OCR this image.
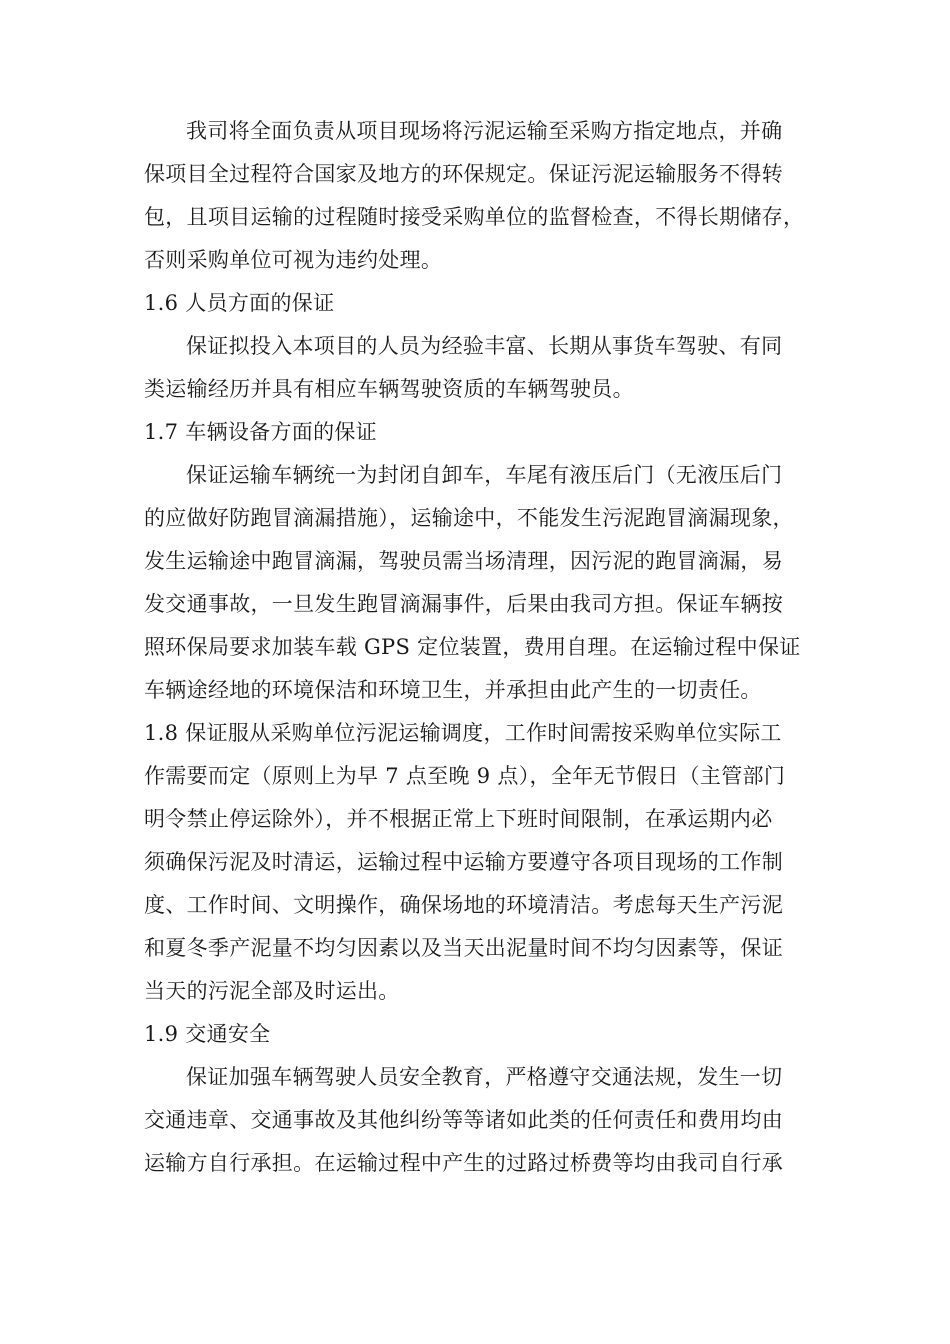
我司将全面负责从项目现场将污泥运输至采购方指定地点，并确
保项目全过程符合国家及地方的环保规定。保证污泥运输服务不得转
包，且项目运输的过程随时接受采购单位的监督检查，不得长期储存，
否则采购单位可视为违约处理。
1.6 人员方面的保证
保证拟投入本项目的人员为经验丰富、长期从事货车驾驶、有同
类运输经历并具有相应车辆驾驶资质的车辆驾驶员。
1.7 车辆设备方面的保证
保证运输车辆统一为封闭自卸车，车尾有液压后门（无液压后门
的应做好防跑冒滴漏措施），运输途中，不能发生污泥跑冒滴漏现象，
发生运输途中跑冒滴漏，驾驶员需当场清理，因污泥的跑冒滴漏，易
发交通事故，一旦发生跑冒滴漏事件，后果由我司方担。保证车辆按
照环保局要求加装车载 GPS 定位装置，费用自理。在运输过程中保证
车辆途经地的环境保洁和环境卫生，并承担由此产生的一切责任。
1.8 保证服从采购单位污泥运输调度，工作时间需按采购单位实际工
作需要而定（原则上为早 7 点至晚 9 点），全年无节假日（主管部门
明令禁止停运除外），并不根据正常上下班时间限制，在承运期内必
须确保污泥及时清运，运输过程中运输方要遵守各项目现场的工作制
度、工作时间、文明操作，确保场地的环境清洁。考虑每天生产污泥
和夏冬季产泥量不均匀因素以及当天出泥量时间不均匀因素等，保证
当天的污泥全部及时运出。
1.9 交通安全
保证加强车辆驾驶人员安全教育，严格遵守交通法规，发生一切
交通违章、交通事故及其他纠纷等等诸如此类的任何责任和费用均由
运输方自行承担。在运输过程中产生的过路过桥费等均由我司自行承
